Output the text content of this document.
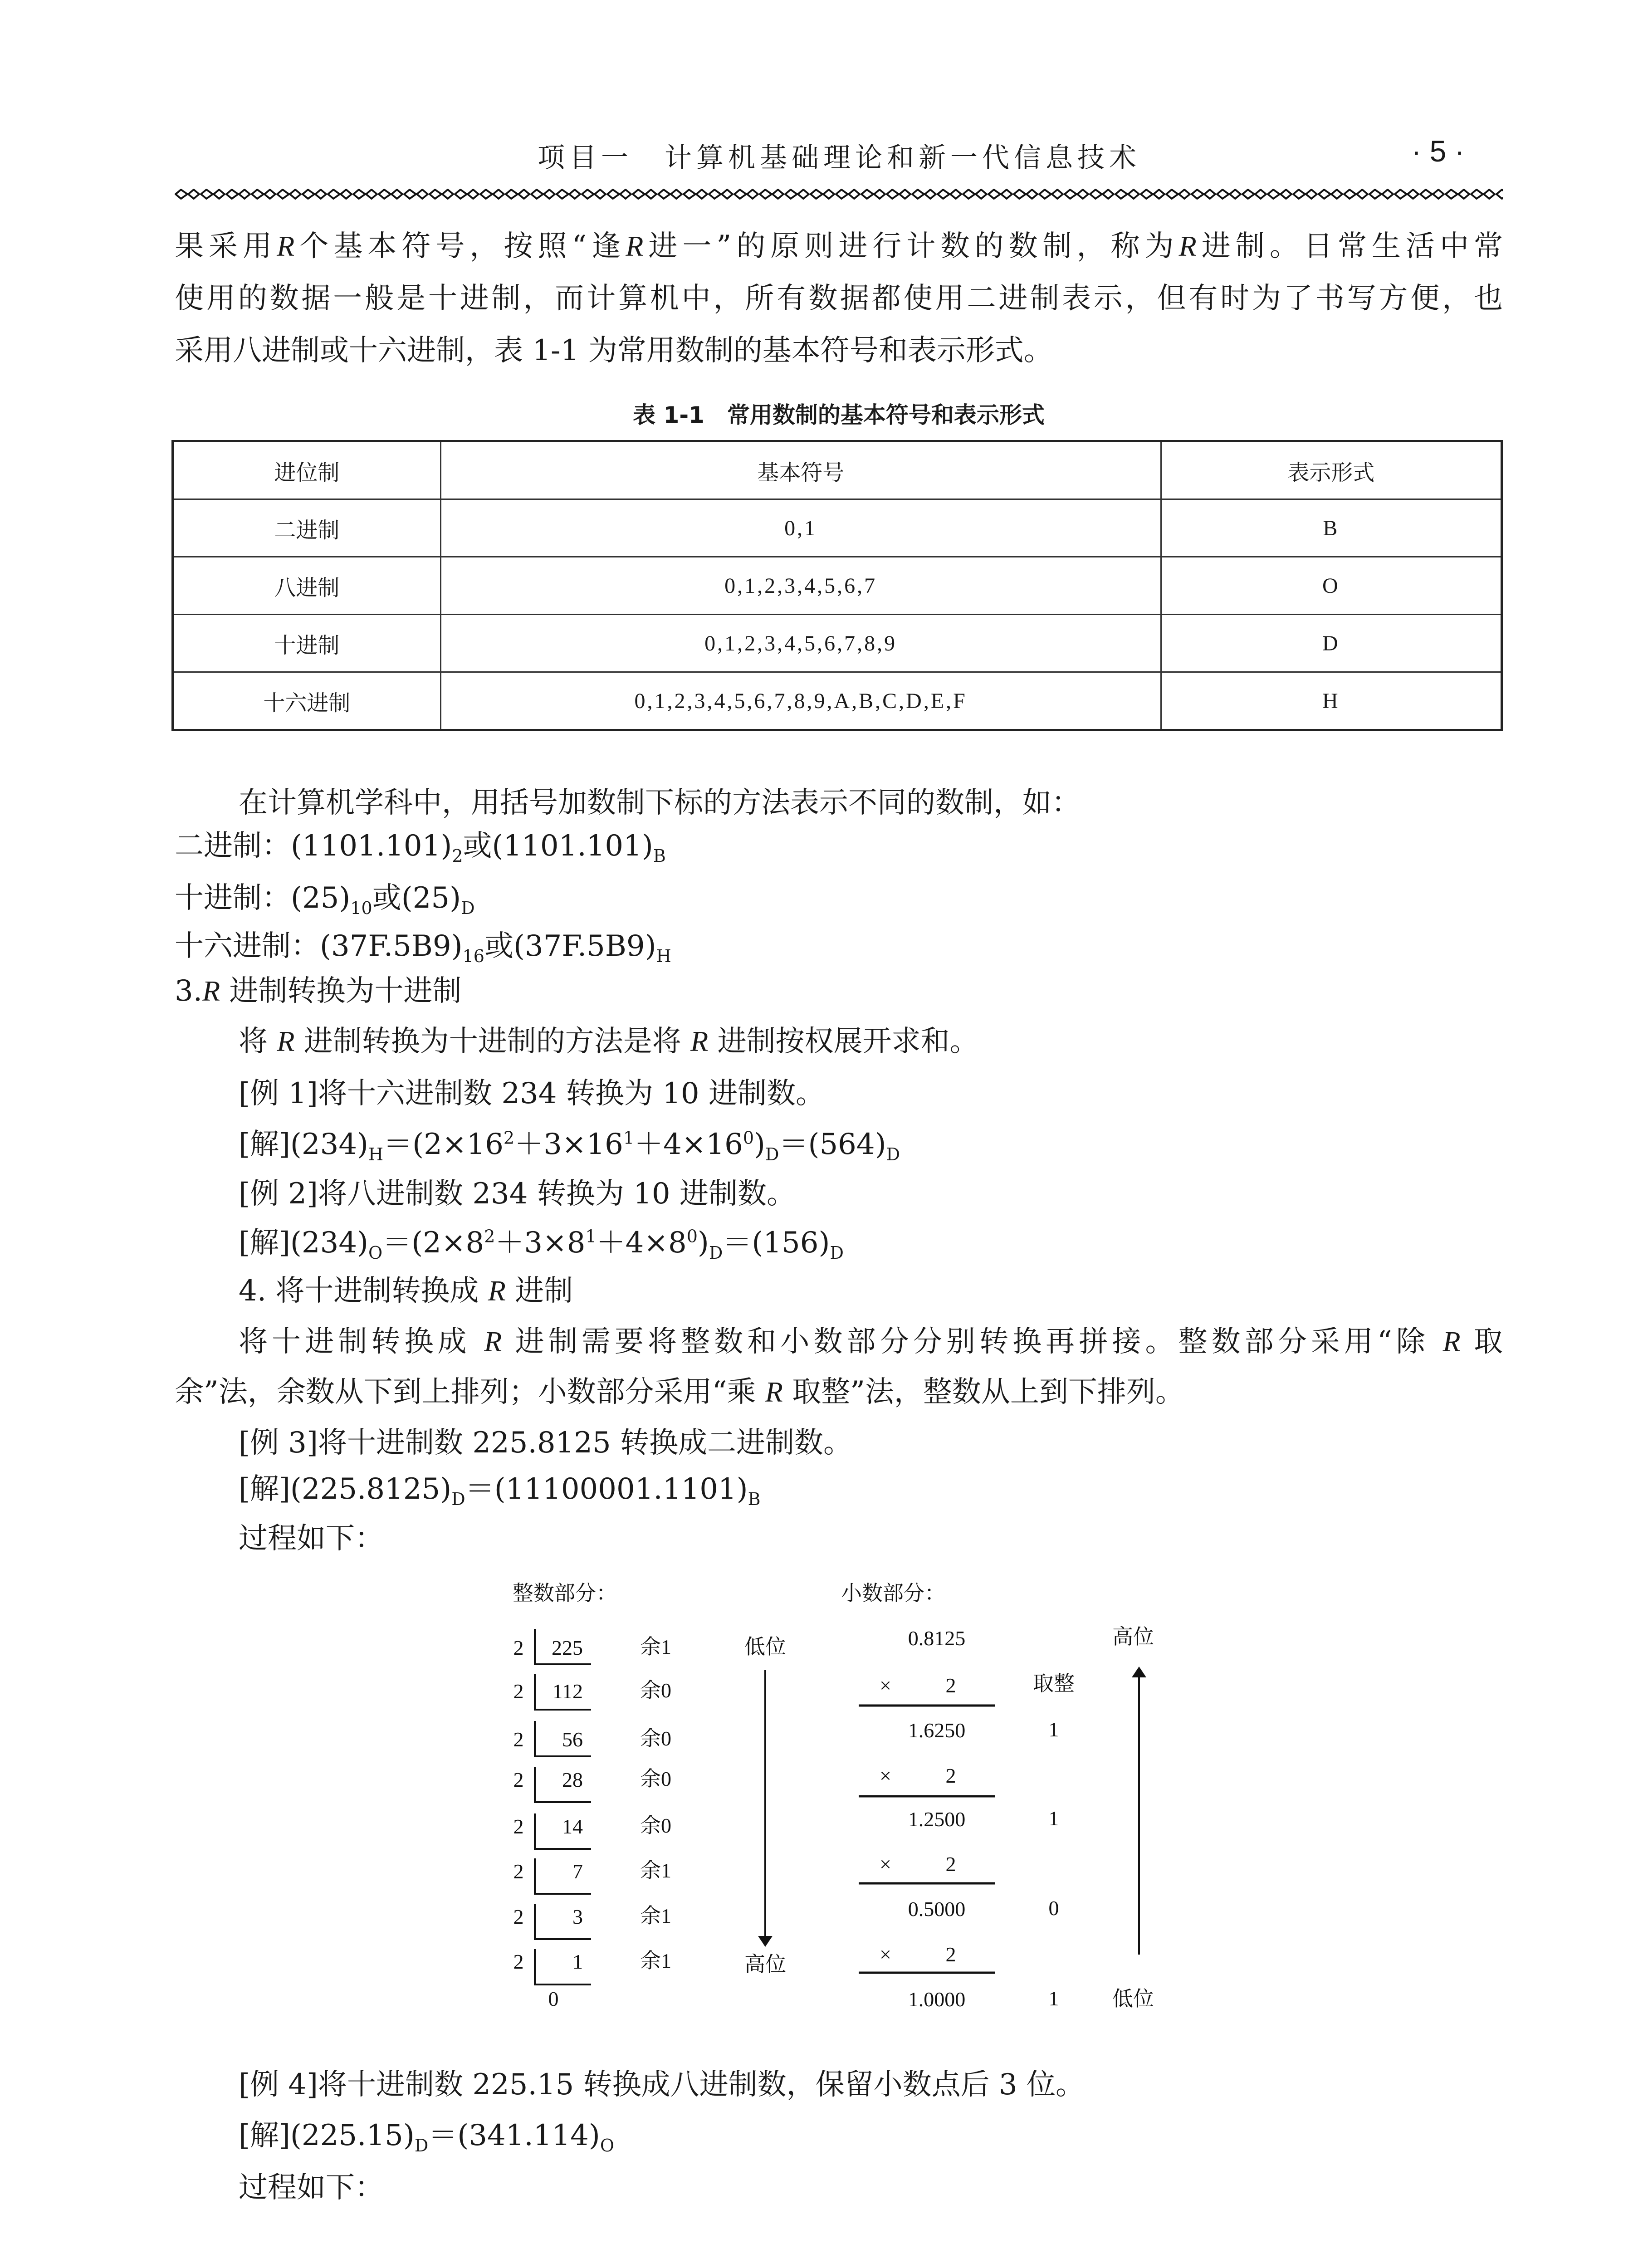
项目一　计算机基础理论和新一代信息技术	· 5 ·
果采用R个基本符号，按照“逢R进一”的原则进行计数的数制，称为R进制。日常生活中常
使用的数据一般是十进制，而计算机中，所有数据都使用二进制表示，但有时为了书写方便，也
采用八进制或十六进制，表 1-1 为常用数制的基本符号和表示形式。
表 1-1　常用数制的基本符号和表示形式
进位制	基本符号	表示形式
二进制	0,1	B
八进制	0,1,2,3,4,5,6,7	O
十进制	0,1,2,3,4,5,6,7,8,9	D
十六进制	0,1,2,3,4,5,6,7,8,9,A,B,C,D,E,F	H
在计算机学科中，用括号加数制下标的方法表示不同的数制，如：
二进制：$(1101.101)_2$或$(1101.101)_B$
十进制：$(25)_{10}$或$(25)_D$
十六进制：$(37F.5B9)_{16}$或$(37F.5B9)_H$
3.R 进制转换为十进制
将 R 进制转换为十进制的方法是将 R 进制按权展开求和。
[例 1]将十六进制数 234 转换为 10 进制数。
[解]$(234)_H=(2\times 16^2+3\times 16^1+4\times 16^0)_D=(564)_D$
[例 2]将八进制数 234 转换为 10 进制数。
[解]$(234)_O=(2\times 8^2+3\times 8^1+4\times 8^0)_D=(156)_D$
4. 将十进制转换成 R 进制
将十进制转换成 R 进制需要将整数和小数部分分别转换再拼接。整数部分采用“除 R 取
余”法，余数从下到上排列；小数部分采用“乘 R 取整”法，整数从上到下排列。
[例 3]将十进制数 225.8125 转换成二进制数。
[解]$(225.8125)_D=(11100001.1101)_B$
过程如下：
整数部分：	小数部分：
2 225	余1
2 112	余0
2 56	余0
2 28	余0
2 14	余0
2 7	余1
2 3	余1
2 1	余1
0
低位
高位
0.8125
取整
×	2
1.6250	1
×	2
1.2500	1
×	2
0.5000	0
×	2
1.0000	1
高位
低位
[例 4]将十进制数 225.15 转换成八进制数，保留小数点后 3 位。
[解]$(225.15)_D=(341.114)_O$
过程如下：
